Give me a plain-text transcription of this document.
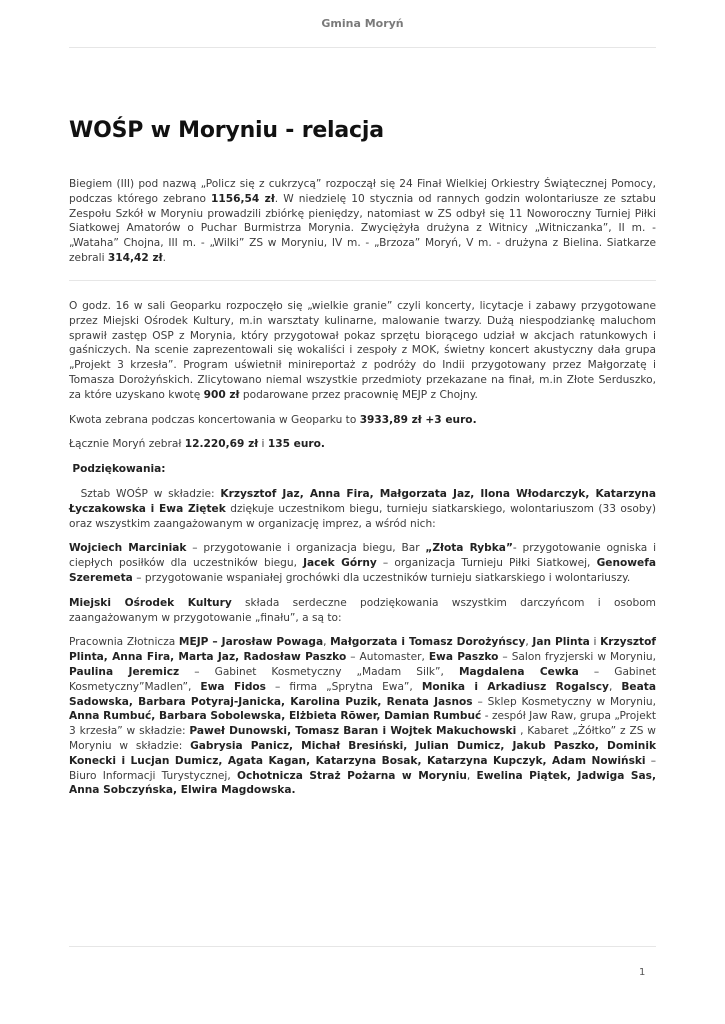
Gmina Moryń
WOŚP w Moryniu - relacja

Biegiem (III) pod nazwą „Policz się z cukrzycą” rozpoczął się 24 Finał Wielkiej Orkiestry Świątecznej Pomocy, podczas którego zebrano 1156,54 zł. W niedzielę 10 stycznia od rannych godzin wolontariusze ze sztabu Zespołu Szkół w Moryniu prowadzili zbiórkę pieniędzy, natomiast w ZS odbył się 11 Noworoczny Turniej Piłki Siatkowej Amatorów o Puchar Burmistrza Morynia. Zwyciężyła drużyna z Witnicy „Witniczanka”, II m. - „Wataha” Chojna, III m. - „Wilki” ZS w Moryniu, IV m. - „Brzoza” Moryń, V m. - drużyna z Bielina. Siatkarze zebrali 314,42 zł.

O godz. 16 w sali Geoparku rozpoczęło się „wielkie granie” czyli koncerty, licytacje i zabawy przygotowane przez Miejski Ośrodek Kultury, m.in warsztaty kulinarne, malowanie twarzy. Dużą niespodziankę maluchom sprawił zastęp OSP z Morynia, który przygotował pokaz sprzętu biorącego udział w akcjach ratunkowych i gaśniczych. Na scenie zaprezentowali się wokaliści i zespoły z MOK, świetny koncert akustyczny dała grupa „Projekt 3 krzesła”. Program uświetnił minireportaż z podróży do Indii przygotowany przez Małgorzatę i Tomasza Dorożyńskich. Zlicytowano niemal wszystkie przedmioty przekazane na finał, m.in Złote Serduszko, za które uzyskano kwotę 900 zł podarowane przez pracownię MEJP z Chojny.

Kwota zebrana podczas koncertowania w Geoparku to 3933,89 zł +3 euro.

Łącznie Moryń zebrał 12.220,69 zł i 135 euro.

Podziękowania:

Sztab WOŚP w składzie: Krzysztof Jaz, Anna Fira, Małgorzata Jaz, Ilona Włodarczyk, Katarzyna Łyczakowska i Ewa Ziętek dziękuje uczestnikom biegu, turnieju siatkarskiego, wolontariuszom (33 osoby) oraz wszystkim zaangażowanym w organizację imprez, a wśród nich:

Wojciech Marciniak – przygotowanie i organizacja biegu, Bar „Złota Rybka”- przygotowanie ogniska i ciepłych posiłków dla uczestników biegu, Jacek Górny – organizacja Turnieju Piłki Siatkowej, Genowefa Szeremeta – przygotowanie wspaniałej grochówki dla uczestników turnieju siatkarskiego i wolontariuszy.

Miejski Ośrodek Kultury składa serdeczne podziękowania wszystkim darczyńcom i osobom zaangażowanym w przygotowanie „finału”, a są to:

Pracownia Złotnicza MEJP – Jarosław Powaga, Małgorzata i Tomasz Dorożyńscy, Jan Plinta i Krzysztof Plinta, Anna Fira, Marta Jaz, Radosław Paszko – Automaster, Ewa Paszko – Salon fryzjerski w Moryniu, Paulina Jeremicz – Gabinet Kosmetyczny „Madam Silk”, Magdalena Cewka – Gabinet Kosmetyczny”Madlen”, Ewa Fidos – firma „Sprytna Ewa”, Monika i Arkadiusz Rogalscy, Beata Sadowska, Barbara Potyraj-Janicka, Karolina Puzik, Renata Jasnos – Sklep Kosmetyczny w Moryniu, Anna Rumbuć, Barbara Sobolewska, Elżbieta Rōwer, Damian Rumbuć - zespół Jaw Raw, grupa „Projekt 3 krzesła” w składzie: Paweł Dunowski, Tomasz Baran i Wojtek Makuchowski , Kabaret „Żółtko” z ZS w Moryniu w składzie: Gabrysia Panicz, Michał Bresiński, Julian Dumicz, Jakub Paszko, Dominik Konecki i Lucjan Dumicz, Agata Kagan, Katarzyna Bosak, Katarzyna Kupczyk, Adam Nowiński – Biuro Informacji Turystycznej, Ochotnicza Straż Pożarna w Moryniu, Ewelina Piątek, Jadwiga Sas, Anna Sobczyńska, Elwira Magdowska.

1
